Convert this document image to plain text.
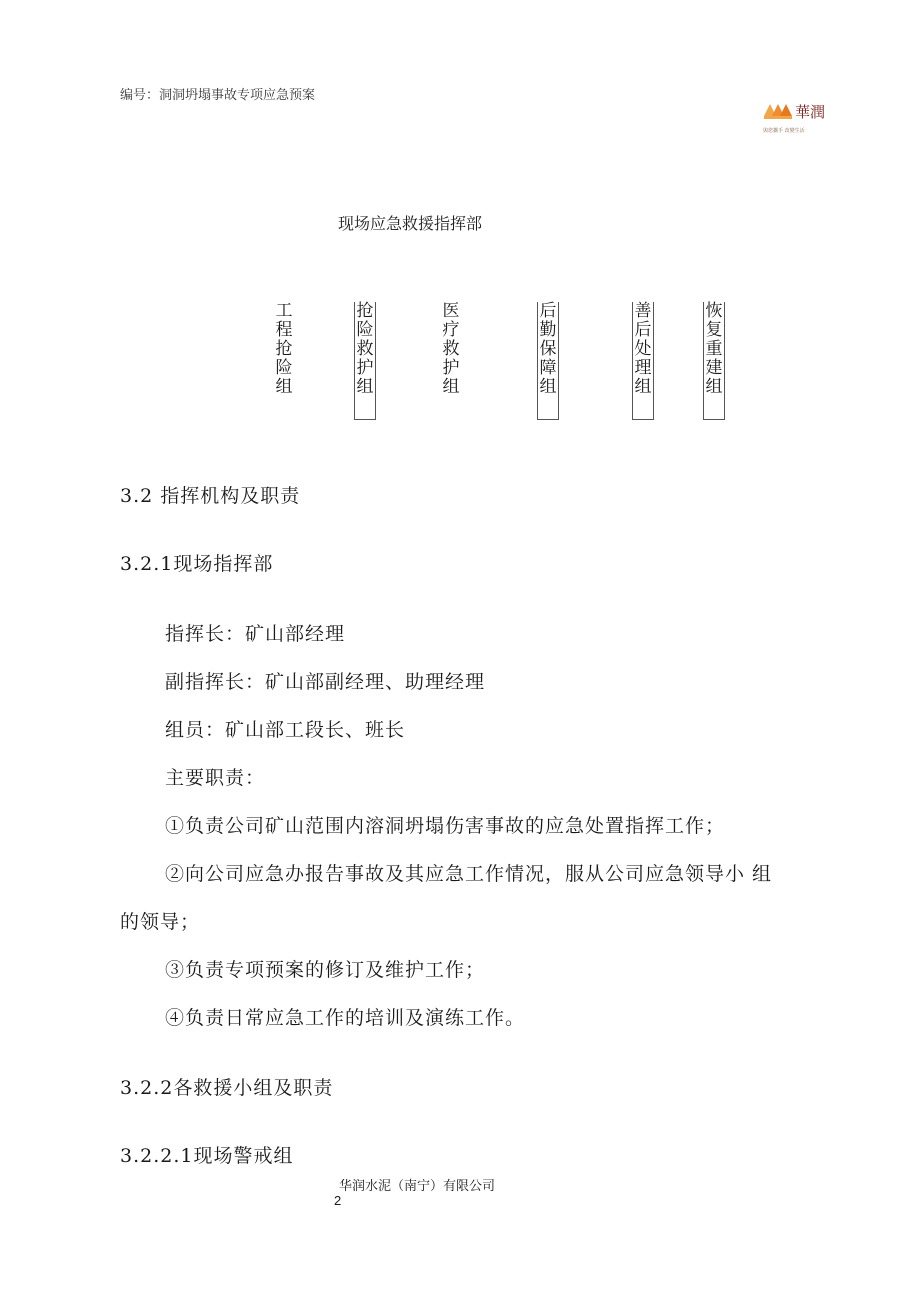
编号：洞洞坍塌事故专项应急预案
華潤
與您攜手 改變生活
现场应急救援指挥部
工程抢险组
抢险救护组
医疗救护组
后勤保障组
善后处理组
恢复重建组
3.2 指挥机构及职责
3.2.1现场指挥部
指挥长：矿山部经理
副指挥长：矿山部副经理、助理经理
组员：矿山部工段长、班长
主要职责：
①负责公司矿山范围内溶洞坍塌伤害事故的应急处置指挥工作；
②向公司应急办报告事故及其应急工作情况，服从公司应急领导小 组
的领导；
③负责专项预案的修订及维护工作；
④负责日常应急工作的培训及演练工作。
3.2.2各救援小组及职责
3.2.2.1现场警戒组
华润水泥（南宁）有限公司
2
